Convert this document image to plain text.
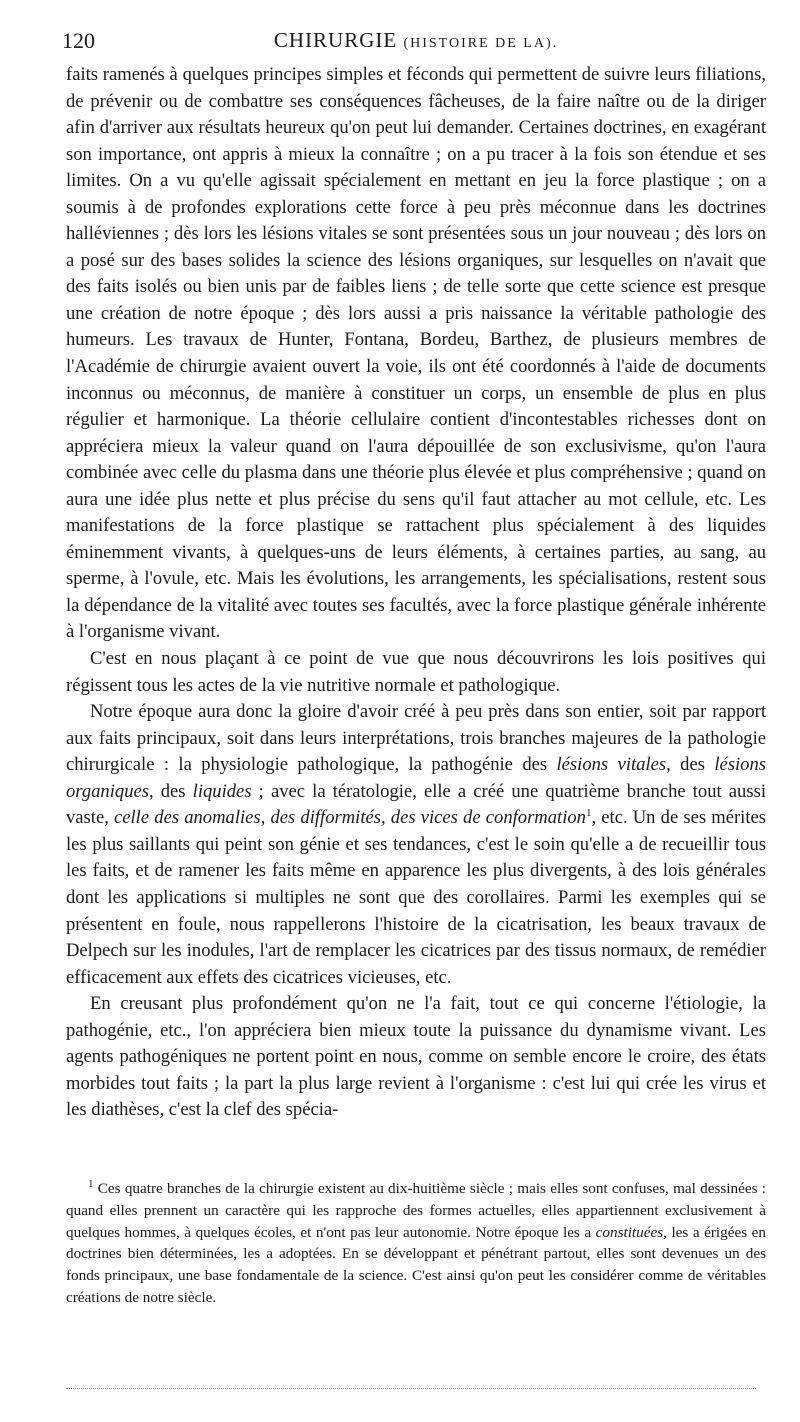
120	CHIRURGIE (HISTOIRE DE LA).

faits ramenés à quelques principes simples et féconds qui permettent de suivre leurs filiations, de prévenir ou de combattre ses conséquences fâcheuses, de la faire naître ou de la diriger afin d'arriver aux résultats heureux qu'on peut lui demander. Certaines doctrines, en exagérant son importance, ont appris à mieux la connaître ; on a pu tracer à la fois son étendue et ses limites. On a vu qu'elle agissait spécialement en mettant en jeu la force plastique ; on a soumis à de profondes explorations cette force à peu près méconnue dans les doctrines halléviennes ; dès lors les lésions vitales se sont présentées sous un jour nouveau ; dès lors on a posé sur des bases solides la science des lésions organiques, sur lesquelles on n'avait que des faits isolés ou bien unis par de faibles liens ; de telle sorte que cette science est presque une création de notre époque ; dès lors aussi a pris naissance la véritable pathologie des humeurs. Les travaux de Hunter, Fontana, Bordeu, Barthez, de plusieurs membres de l'Académie de chirurgie avaient ouvert la voie, ils ont été coordonnés à l'aide de documents inconnus ou méconnus, de manière à constituer un corps, un ensemble de plus en plus régulier et harmonique. La théorie cellulaire contient d'incontestables richesses dont on appréciera mieux la valeur quand on l'aura dépouillée de son exclusivisme, qu'on l'aura combinée avec celle du plasma dans une théorie plus élevée et plus compréhensive ; quand on aura une idée plus nette et plus précise du sens qu'il faut attacher au mot cellule, etc. Les manifestations de la force plastique se rattachent plus spécialement à des liquides éminemment vivants, à quelques-uns de leurs éléments, à certaines parties, au sang, au sperme, à l'ovule, etc. Mais les évolutions, les arrangements, les spécialisations, restent sous la dépendance de la vitalité avec toutes ses facultés, avec la force plastique générale inhérente à l'organisme vivant.

C'est en nous plaçant à ce point de vue que nous découvrirons les lois positives qui régissent tous les actes de la vie nutritive normale et pathologique.

Notre époque aura donc la gloire d'avoir créé à peu près dans son entier, soit par rapport aux faits principaux, soit dans leurs interprétations, trois branches majeures de la pathologie chirurgicale : la physiologie pathologique, la pathogénie des lésions vitales, des lésions organiques, des liquides ; avec la tératologie, elle a créé une quatrième branche tout aussi vaste, celle des anomalies, des difformités, des vices de conformation$^1$, etc. Un de ses mérites les plus saillants qui peint son génie et ses tendances, c'est le soin qu'elle a de recueillir tous les faits, et de ramener les faits même en apparence les plus divergents, à des lois générales dont les applications si multiples ne sont que des corollaires. Parmi les exemples qui se présentent en foule, nous rappellerons l'histoire de la cicatrisation, les beaux travaux de Delpech sur les inodules, l'art de remplacer les cicatrices par des tissus normaux, de remédier efficacement aux effets des cicatrices vicieuses, etc.

En creusant plus profondément qu'on ne l'a fait, tout ce qui concerne l'étiologie, la pathogénie, etc., l'on appréciera bien mieux toute la puissance du dynamisme vivant. Les agents pathogéniques ne portent point en nous, comme on semble encore le croire, des états morbides tout faits ; la part la plus large revient à l'organisme : c'est lui qui crée les virus et les diathèses, c'est la clef des spécia-

$^1$ Ces quatre branches de la chirurgie existent au dix-huitième siècle ; mais elles sont confuses, mal dessinées : quand elles prennent un caractère qui les rapproche des formes actuelles, elles appartiennent exclusivement à quelques hommes, à quelques écoles, et n'ont pas leur autonomie. Notre époque les a constituées, les a érigées en doctrines bien déterminées, les a adoptées. En se développant et pénétrant partout, elles sont devenues un des fonds principaux, une base fondamentale de la science. C'est ainsi qu'on peut les considérer comme de véritables créations de notre siècle.
